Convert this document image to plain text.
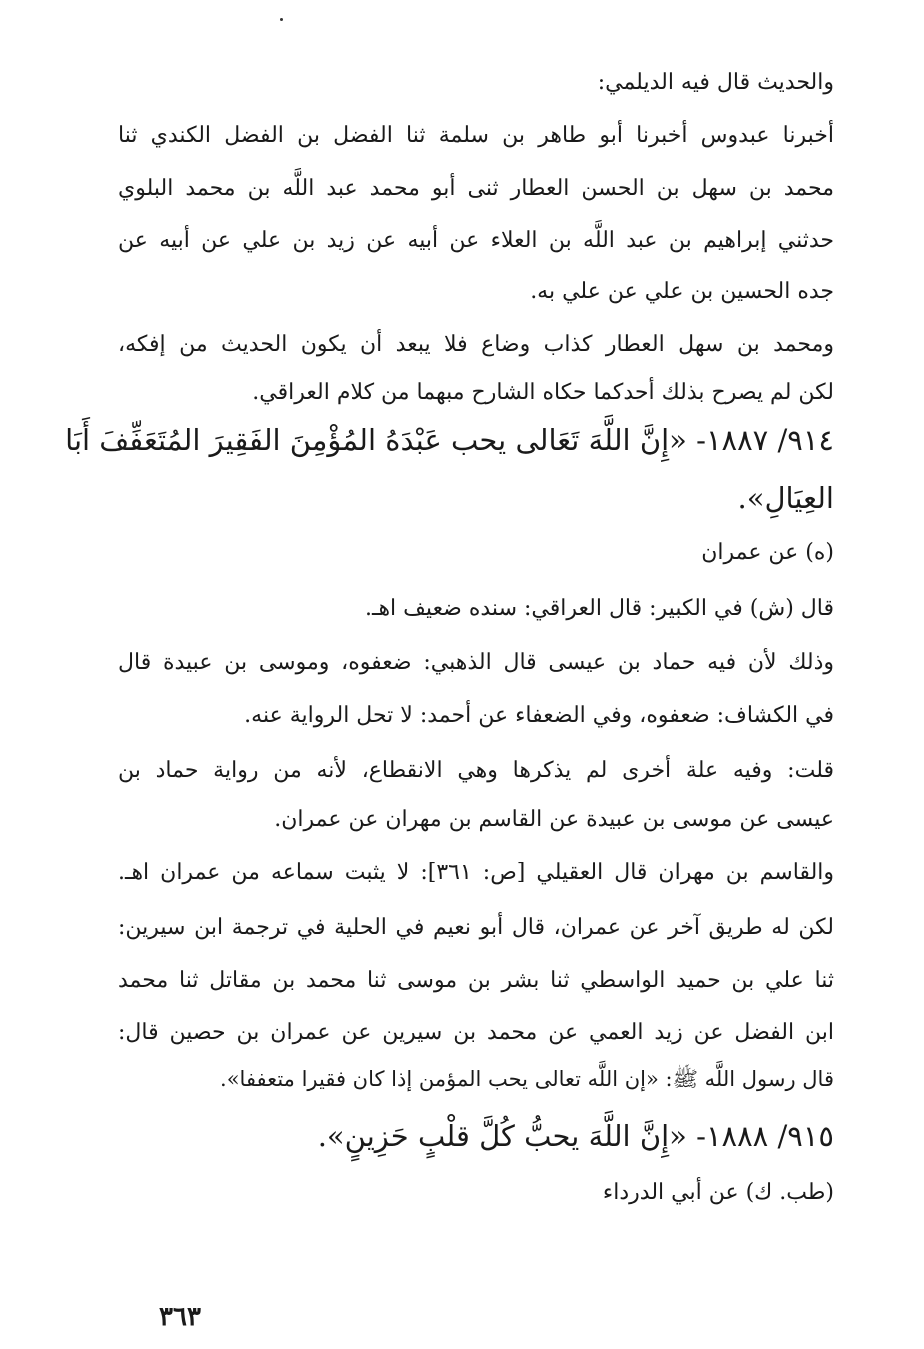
والحديث قال فيه الديلمي:
أخبرنا عبدوس أخبرنا أبو طاهر بن سلمة ثنا الفضل بن الفضل الكندي ثنا
محمد بن سهل بن الحسن العطار ثنى أبو محمد عبد اللَّه بن محمد البلوي
حدثني إبراهيم بن عبد اللَّه بن العلاء عن أبيه عن زيد بن علي عن أبيه عن
جده الحسين بن علي عن علي به.
ومحمد بن سهل العطار كذاب وضاع فلا يبعد أن يكون الحديث من إفكه،
لكن لم يصرح بذلك أحدكما حكاه الشارح مبهما من كلام العراقي.
٩١٤/ ١٨٨٧- «إِنَّ اللَّهَ تَعَالى يحب عَبْدَهُ المُؤْمِنَ الفَقِيرَ المُتَعَفِّفَ أَبَا
العِيَالِ».
(ه) عن عمران
قال (ش) في الكبير: قال العراقي: سنده ضعيف اهـ.
وذلك لأن فيه حماد بن عيسى قال الذهبي: ضعفوه، وموسى بن عبيدة قال
في الكشاف: ضعفوه، وفي الضعفاء عن أحمد: لا تحل الرواية عنه.
قلت: وفيه علة أخرى لم يذكرها وهي الانقطاع، لأنه من رواية حماد بن
عيسى عن موسى بن عبيدة عن القاسم بن مهران عن عمران.
والقاسم بن مهران قال العقيلي [ص: ٣٦١]: لا يثبت سماعه من عمران اهـ.
لكن له طريق آخر عن عمران، قال أبو نعيم في الحلية في ترجمة ابن سيرين:
ثنا علي بن حميد الواسطي ثنا بشر بن موسى ثنا محمد بن مقاتل ثنا محمد
ابن الفضل عن زيد العمي عن محمد بن سيرين عن عمران بن حصين قال:
قال رسول اللَّه ﷺ: «إن اللَّه تعالى يحب المؤمن إذا كان فقيرا متعففا».
٩١٥/ ١٨٨٨- «إِنَّ اللَّهَ يحبُّ كُلَّ قلْبٍ حَزِينٍ».
(طب. ك) عن أبي الدرداء
٣٦٣
